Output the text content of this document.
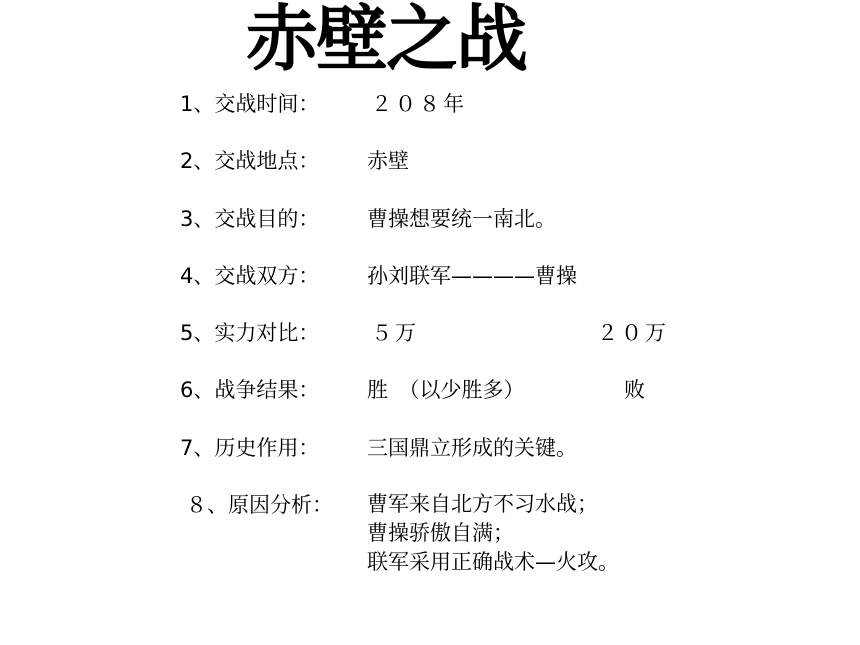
赤壁之战
1、交战时间： ２０８年
2、交战地点： 赤壁
3、交战目的： 曹操想要统一南北。
4、交战双方： 孙刘联军————曹操
5、实力对比： ５万	２０万
6、战争结果： 胜　（以少胜多）	败
7、历史作用： 三国鼎立形成的关键。
８、原因分析： 曹军来自北方不习水战；
曹操骄傲自满；
联军采用正确战术—火攻。
